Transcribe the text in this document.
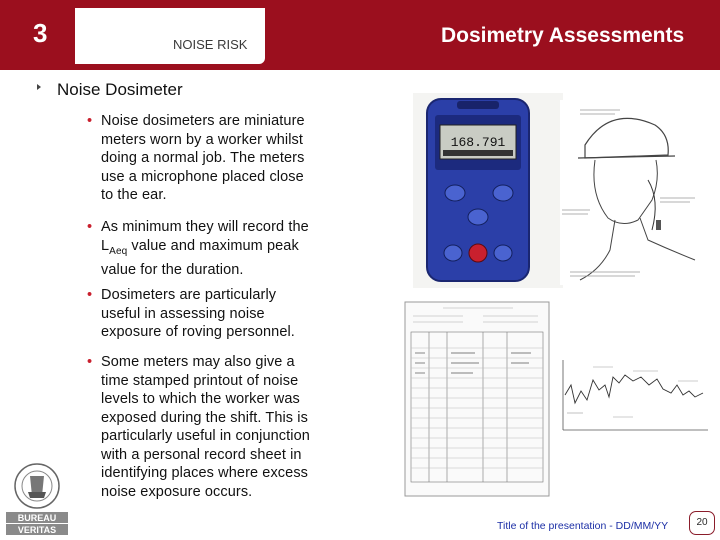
3	NOISE RISK	Dosimetry Assessments
Noise Dosimeter
• Noise dosimeters are miniature
meters worn by a worker whilst
doing a normal job. The meters
use a microphone placed close
to the ear.
• As minimum they will record the
$L_{Aeq}$ value and maximum peak
value for the duration.
• Dosimeters are particularly
useful in assessing noise
exposure of roving personnel.
• Some meters may also give a
time stamped printout of noise
levels to which the worker was
exposed during the shift. This is
particularly useful in conjunction
with a personal record sheet in
identifying places where excess
noise exposure occurs.
168.791
BUREAU
VERITAS	Title of the presentation - DD/MM/YY	20
